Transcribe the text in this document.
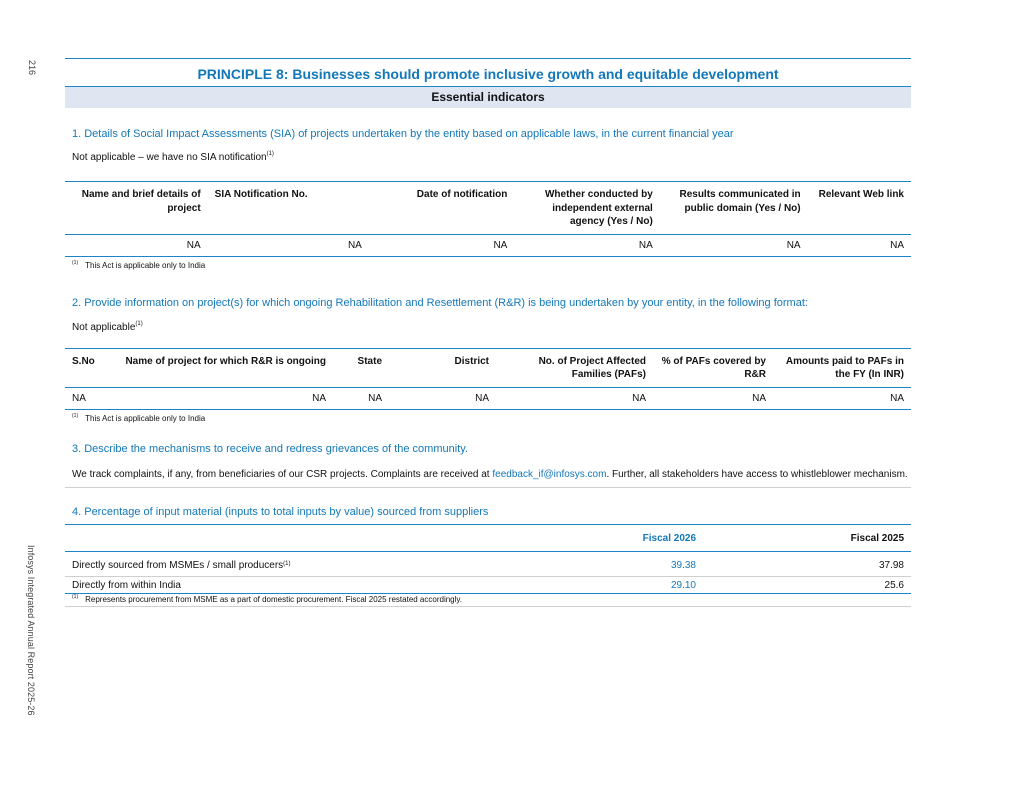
216
Infosys Integrated Annual Report 2025-26
PRINCIPLE 8: Businesses should promote inclusive growth and equitable development
Essential indicators
1. Details of Social Impact Assessments (SIA) of projects undertaken by the entity based on applicable laws, in the current financial year
Not applicable – we have no SIA notification$^{(1)}$
Name and brief details of project	SIA Notification No.	Date of notification	Whether conducted by independent external agency (Yes / No)	Results communicated in public domain (Yes / No)	Relevant Web link
NA	NA	NA	NA	NA	NA
$^{(1)}$ This Act is applicable only to India
2. Provide information on project(s) for which ongoing Rehabilitation and Resettlement (R&R) is being undertaken by your entity, in the following format:
Not applicable$^{(1)}$
S.No	Name of project for which R&R is ongoing	State	District	No. of Project Affected Families (PAFs)	% of PAFs covered by R&R	Amounts paid to PAFs in the FY (In INR)
NA	NA	NA	NA	NA	NA	NA
$^{(1)}$ This Act is applicable only to India
3. Describe the mechanisms to receive and redress grievances of the community.
We track complaints, if any, from beneficiaries of our CSR projects. Complaints are received at feedback_if@infosys.com. Further, all stakeholders have access to whistleblower mechanism.
4. Percentage of input material (inputs to total inputs by value) sourced from suppliers
	Fiscal 2026	Fiscal 2025
Directly sourced from MSMEs / small producers$^{(1)}$	39.38	37.98
Directly from within India	29.10	25.6
$^{(1)}$ Represents procurement from MSME as a part of domestic procurement. Fiscal 2025 restated accordingly.
